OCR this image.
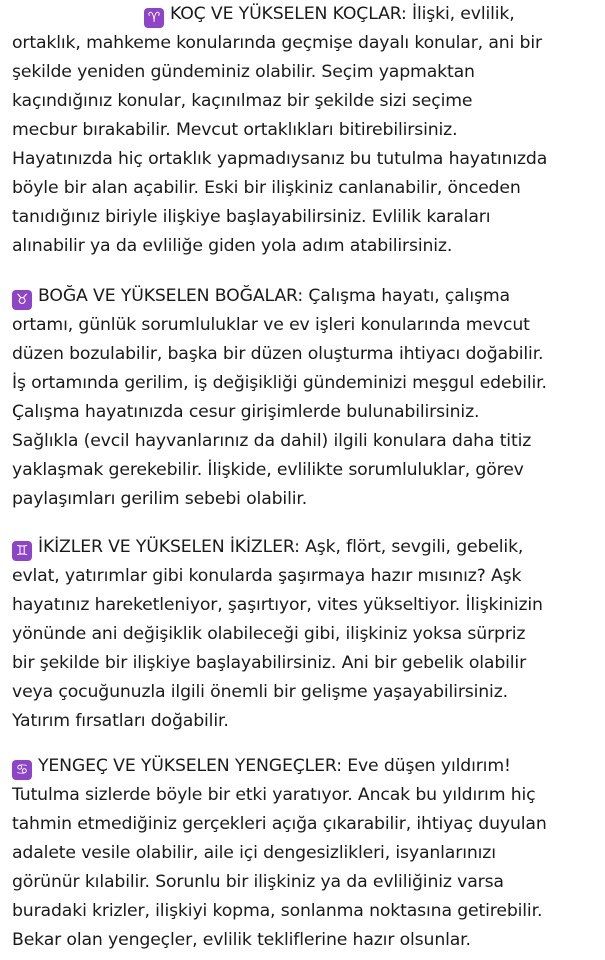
♈ KOÇ VE YÜKSELEN KOÇLAR: İlişki, evlilik,
ortaklık, mahkeme konularında geçmişe dayalı konular, ani bir
şekilde yeniden gündeminiz olabilir. Seçim yapmaktan
kaçındığınız konular, kaçınılmaz bir şekilde sizi seçime
mecbur bırakabilir. Mevcut ortaklıkları bitirebilirsiniz.
Hayatınızda hiç ortaklık yapmadıysanız bu tutulma hayatınızda
böyle bir alan açabilir. Eski bir ilişkiniz canlanabilir, önceden
tanıdığınız biriyle ilişkiye başlayabilirsiniz. Evlilik karaları
alınabilir ya da evliliğe giden yola adım atabilirsiniz.
♉ BOĞA VE YÜKSELEN BOĞALAR: Çalışma hayatı, çalışma
ortamı, günlük sorumluluklar ve ev işleri konularında mevcut
düzen bozulabilir, başka bir düzen oluşturma ihtiyacı doğabilir.
İş ortamında gerilim, iş değişikliği gündeminizi meşgul edebilir.
Çalışma hayatınızda cesur girişimlerde bulunabilirsiniz.
Sağlıkla (evcil hayvanlarınız da dahil) ilgili konulara daha titiz
yaklaşmak gerekebilir. İlişkide, evlilikte sorumluluklar, görev
paylaşımları gerilim sebebi olabilir.
♊ İKİZLER VE YÜKSELEN İKİZLER: Aşk, flört, sevgili, gebelik,
evlat, yatırımlar gibi konularda şaşırmaya hazır mısınız? Aşk
hayatınız hareketleniyor, şaşırtıyor, vites yükseltiyor. İlişkinizin
yönünde ani değişiklik olabileceği gibi, ilişkiniz yoksa sürpriz
bir şekilde bir ilişkiye başlayabilirsiniz. Ani bir gebelik olabilir
veya çocuğunuzla ilgili önemli bir gelişme yaşayabilirsiniz.
Yatırım fırsatları doğabilir.
♋ YENGEÇ VE YÜKSELEN YENGEÇLER: Eve düşen yıldırım!
Tutulma sizlerde böyle bir etki yaratıyor. Ancak bu yıldırım hiç
tahmin etmediğiniz gerçekleri açığa çıkarabilir, ihtiyaç duyulan
adalete vesile olabilir, aile içi dengesizlikleri, isyanlarınızı
görünür kılabilir. Sorunlu bir ilişkiniz ya da evliliğiniz varsa
buradaki krizler, ilişkiyi kopma, sonlanma noktasına getirebilir.
Bekar olan yengeçler, evlilik tekliflerine hazır olsunlar.
